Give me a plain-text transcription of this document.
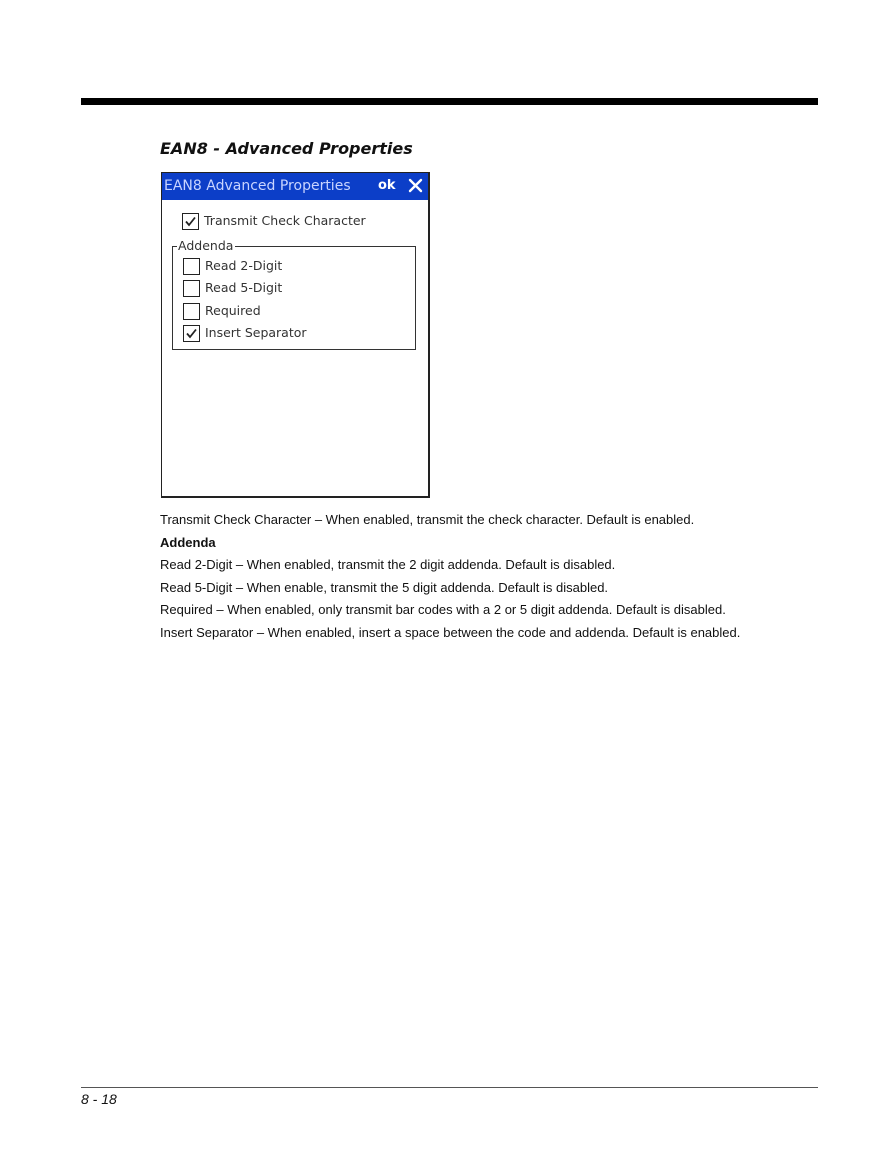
EAN8 - Advanced Properties
EAN8 Advanced Properties ok
Transmit Check Character
Addenda
Read 2-Digit
Read 5-Digit
Required
Insert Separator
Transmit Check Character – When enabled, transmit the check character. Default is enabled.
Addenda
Read 2-Digit – When enabled, transmit the 2 digit addenda. Default is disabled.
Read 5-Digit – When enable, transmit the 5 digit addenda. Default is disabled.
Required – When enabled, only transmit bar codes with a 2 or 5 digit addenda. Default is disabled.
Insert Separator – When enabled, insert a space between the code and addenda. Default is enabled.
8 - 18
